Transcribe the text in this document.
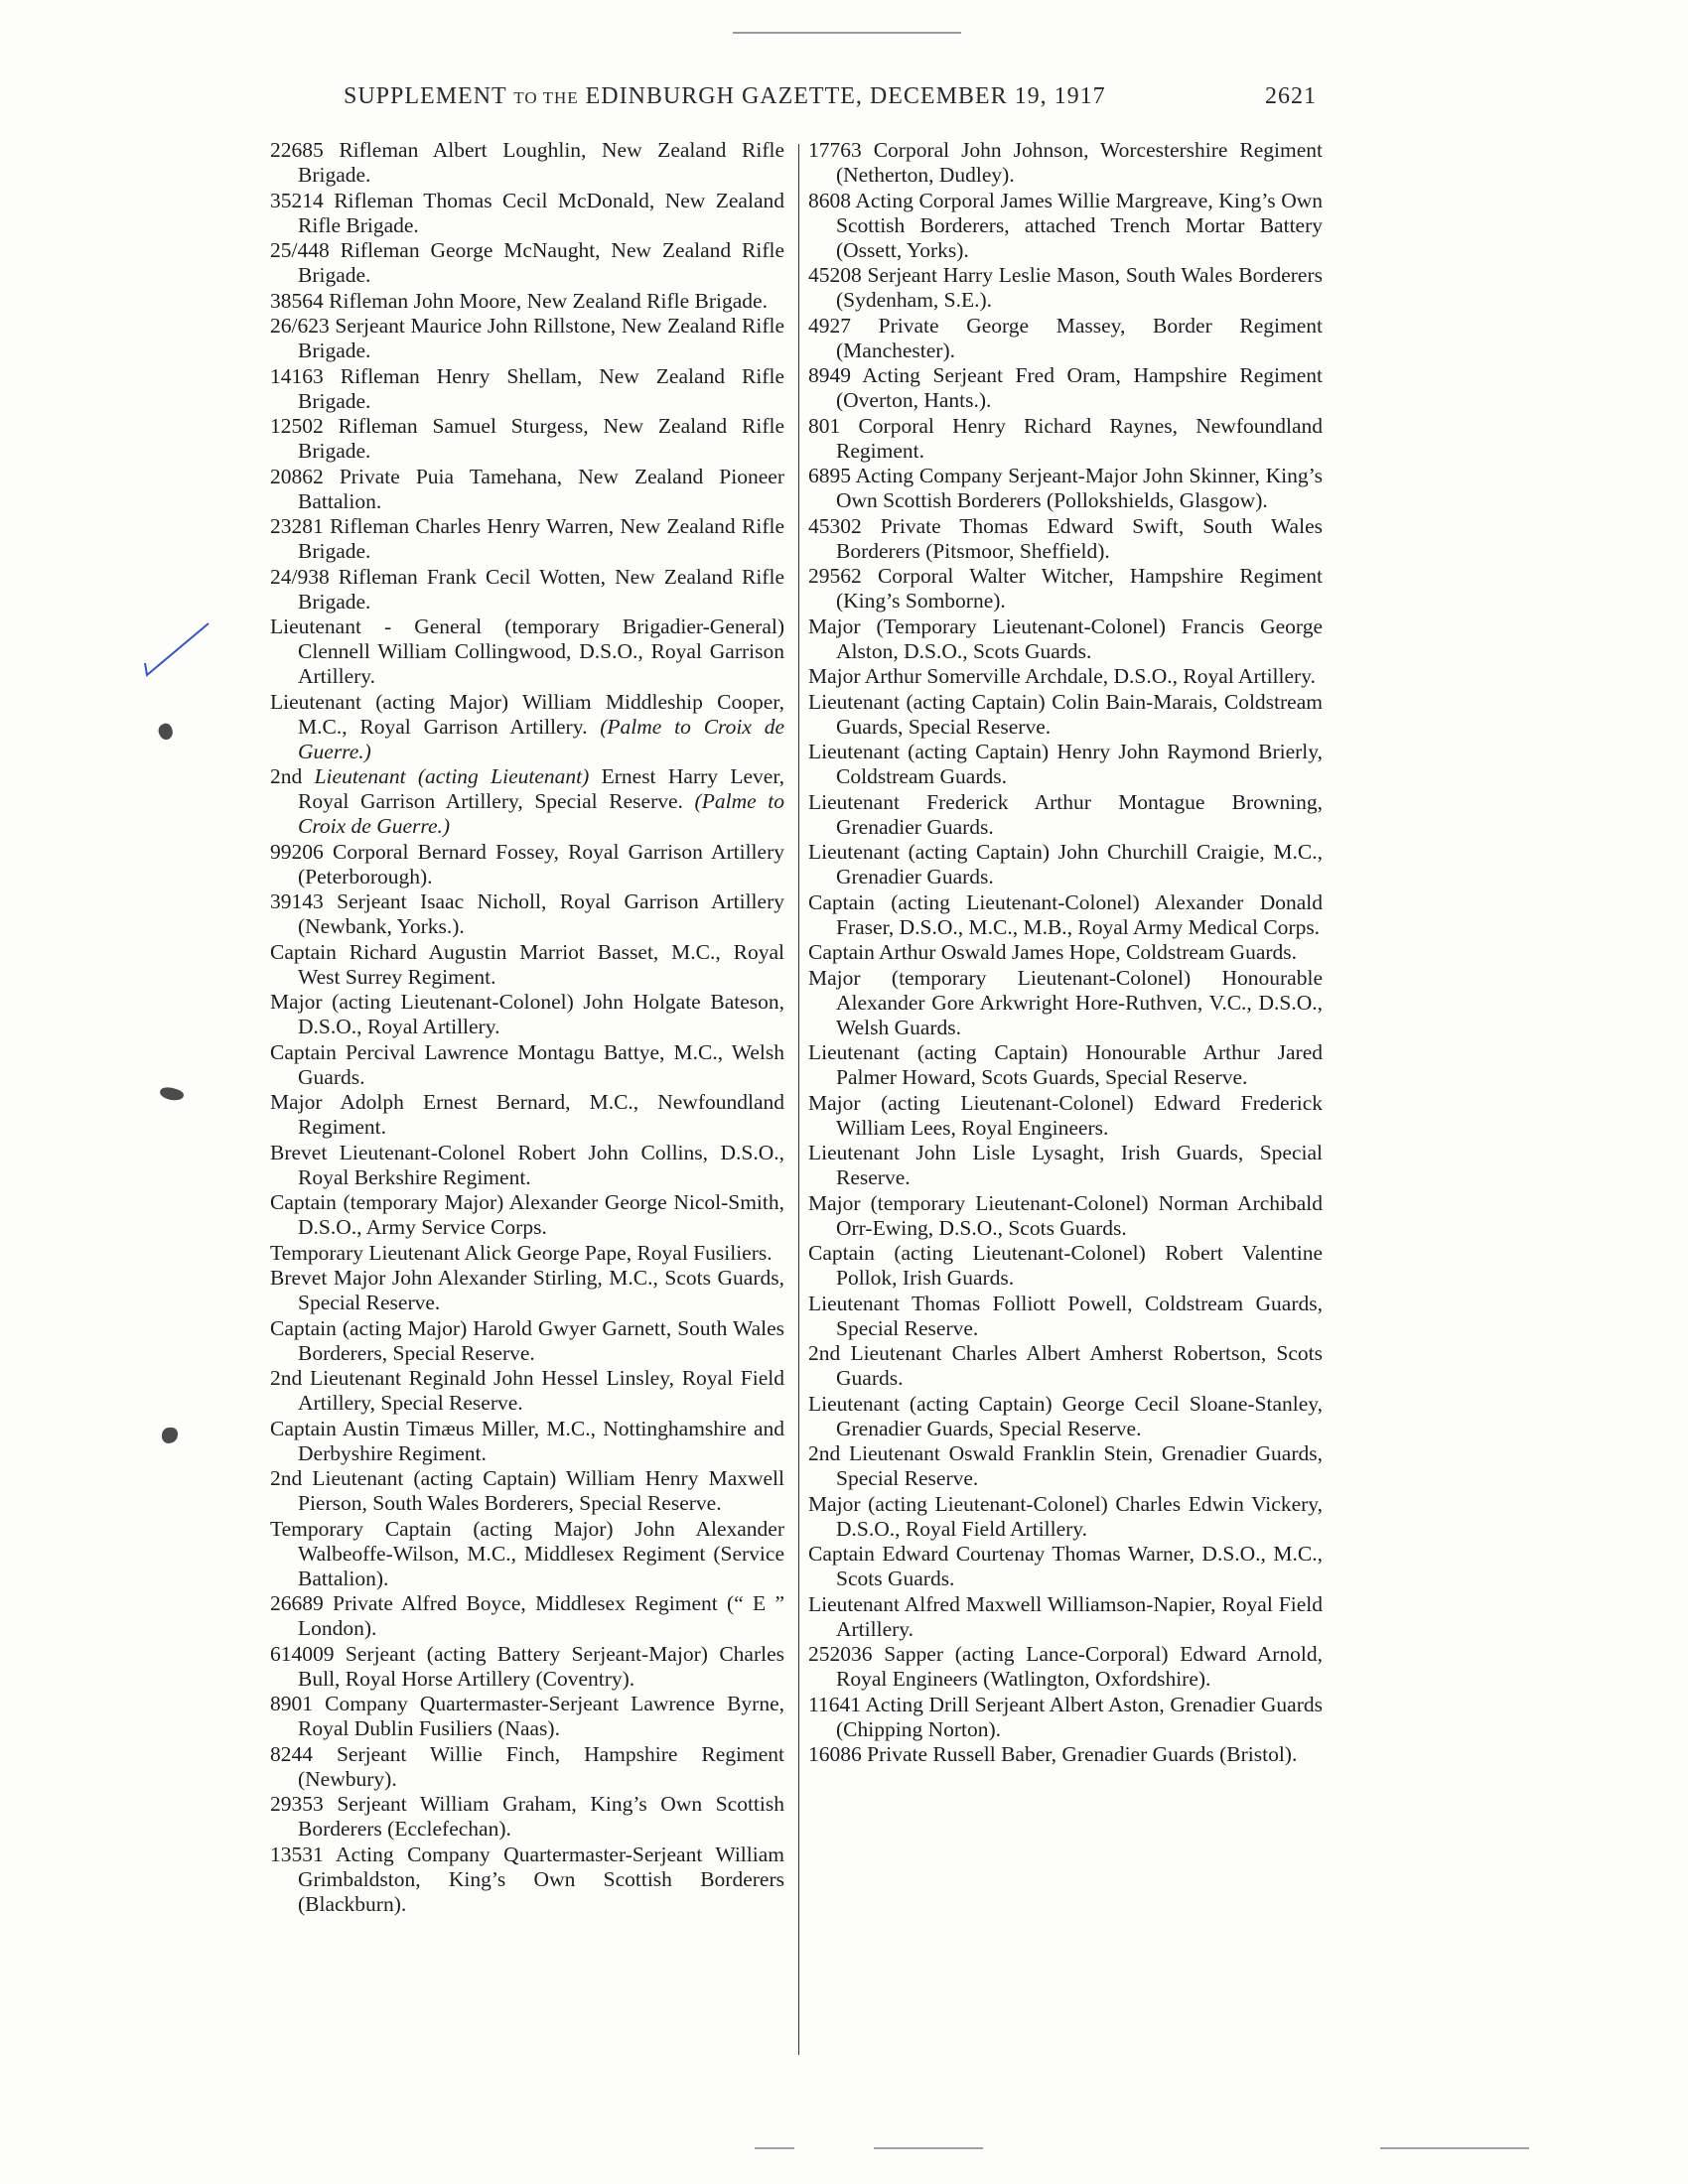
SUPPLEMENT TO THE EDINBURGH GAZETTE, DECEMBER 19, 1917	2621

22685 Rifleman Albert Loughlin, New Zealand Rifle Brigade.

35214 Rifleman Thomas Cecil McDonald, New Zealand Rifle Brigade.

25/448 Rifleman George McNaught, New Zealand Rifle Brigade.

38564 Rifleman John Moore, New Zealand Rifle Brigade.

26/623 Serjeant Maurice John Rillstone, New Zealand Rifle Brigade.

14163 Rifleman Henry Shellam, New Zealand Rifle Brigade.

12502 Rifleman Samuel Sturgess, New Zealand Rifle Brigade.

20862 Private Puia Tamehana, New Zealand Pioneer Battalion.

23281 Rifleman Charles Henry Warren, New Zealand Rifle Brigade.

24/938 Rifleman Frank Cecil Wotten, New Zealand Rifle Brigade.

Lieutenant - General (temporary Brigadier-General) Clennell William Collingwood, D.S.O., Royal Garrison Artillery.

Lieutenant (acting Major) William Middleship Cooper, M.C., Royal Garrison Artillery. (Palme to Croix de Guerre.)

2nd Lieutenant (acting Lieutenant) Ernest Harry Lever, Royal Garrison Artillery, Special Reserve. (Palme to Croix de Guerre.)

99206 Corporal Bernard Fossey, Royal Garrison Artillery (Peterborough).

39143 Serjeant Isaac Nicholl, Royal Garrison Artillery (Newbank, Yorks.).

Captain Richard Augustin Marriot Basset, M.C., Royal West Surrey Regiment.

Major (acting Lieutenant-Colonel) John Holgate Bateson, D.S.O., Royal Artillery.

Captain Percival Lawrence Montagu Battye, M.C., Welsh Guards.

Major Adolph Ernest Bernard, M.C., Newfoundland Regiment.

Brevet Lieutenant-Colonel Robert John Collins, D.S.O., Royal Berkshire Regiment.

Captain (temporary Major) Alexander George Nicol-Smith, D.S.O., Army Service Corps.

Temporary Lieutenant Alick George Pape, Royal Fusiliers.

Brevet Major John Alexander Stirling, M.C., Scots Guards, Special Reserve.

Captain (acting Major) Harold Gwyer Garnett, South Wales Borderers, Special Reserve.

2nd Lieutenant Reginald John Hessel Linsley, Royal Field Artillery, Special Reserve.

Captain Austin Timæus Miller, M.C., Nottinghamshire and Derbyshire Regiment.

2nd Lieutenant (acting Captain) William Henry Maxwell Pierson, South Wales Borderers, Special Reserve.

Temporary Captain (acting Major) John Alexander Walbeoffe-Wilson, M.C., Middlesex Regiment (Service Battalion).

26689 Private Alfred Boyce, Middlesex Regiment (“ E ” London).

614009 Serjeant (acting Battery Serjeant-Major) Charles Bull, Royal Horse Artillery (Coventry).

8901 Company Quartermaster-Serjeant Lawrence Byrne, Royal Dublin Fusiliers (Naas).

8244 Serjeant Willie Finch, Hampshire Regiment (Newbury).

29353 Serjeant William Graham, King’s Own Scottish Borderers (Ecclefechan).

13531 Acting Company Quartermaster-Serjeant William Grimbaldston, King’s Own Scottish Borderers (Blackburn).

17763 Corporal John Johnson, Worcestershire Regiment (Netherton, Dudley).

8608 Acting Corporal James Willie Margreave, King’s Own Scottish Borderers, attached Trench Mortar Battery (Ossett, Yorks).

45208 Serjeant Harry Leslie Mason, South Wales Borderers (Sydenham, S.E.).

4927 Private George Massey, Border Regiment (Manchester).

8949 Acting Serjeant Fred Oram, Hampshire Regiment (Overton, Hants.).

801 Corporal Henry Richard Raynes, Newfoundland Regiment.

6895 Acting Company Serjeant-Major John Skinner, King’s Own Scottish Borderers (Pollokshields, Glasgow).

45302 Private Thomas Edward Swift, South Wales Borderers (Pitsmoor, Sheffield).

29562 Corporal Walter Witcher, Hampshire Regiment (King’s Somborne).

Major (Temporary Lieutenant-Colonel) Francis George Alston, D.S.O., Scots Guards.

Major Arthur Somerville Archdale, D.S.O., Royal Artillery.

Lieutenant (acting Captain) Colin Bain-Marais, Coldstream Guards, Special Reserve.

Lieutenant (acting Captain) Henry John Raymond Brierly, Coldstream Guards.

Lieutenant Frederick Arthur Montague Browning, Grenadier Guards.

Lieutenant (acting Captain) John Churchill Craigie, M.C., Grenadier Guards.

Captain (acting Lieutenant-Colonel) Alexander Donald Fraser, D.S.O., M.C., M.B., Royal Army Medical Corps.

Captain Arthur Oswald James Hope, Coldstream Guards.

Major (temporary Lieutenant-Colonel) Honourable Alexander Gore Arkwright Hore-Ruthven, V.C., D.S.O., Welsh Guards.

Lieutenant (acting Captain) Honourable Arthur Jared Palmer Howard, Scots Guards, Special Reserve.

Major (acting Lieutenant-Colonel) Edward Frederick William Lees, Royal Engineers.

Lieutenant John Lisle Lysaght, Irish Guards, Special Reserve.

Major (temporary Lieutenant-Colonel) Norman Archibald Orr-Ewing, D.S.O., Scots Guards.

Captain (acting Lieutenant-Colonel) Robert Valentine Pollok, Irish Guards.

Lieutenant Thomas Folliott Powell, Coldstream Guards, Special Reserve.

2nd Lieutenant Charles Albert Amherst Robertson, Scots Guards.

Lieutenant (acting Captain) George Cecil Sloane-Stanley, Grenadier Guards, Special Reserve.

2nd Lieutenant Oswald Franklin Stein, Grenadier Guards, Special Reserve.

Major (acting Lieutenant-Colonel) Charles Edwin Vickery, D.S.O., Royal Field Artillery.

Captain Edward Courtenay Thomas Warner, D.S.O., M.C., Scots Guards.

Lieutenant Alfred Maxwell Williamson-Napier, Royal Field Artillery.

252036 Sapper (acting Lance-Corporal) Edward Arnold, Royal Engineers (Watlington, Oxfordshire).

11641 Acting Drill Serjeant Albert Aston, Grenadier Guards (Chipping Norton).

16086 Private Russell Baber, Grenadier Guards (Bristol).
